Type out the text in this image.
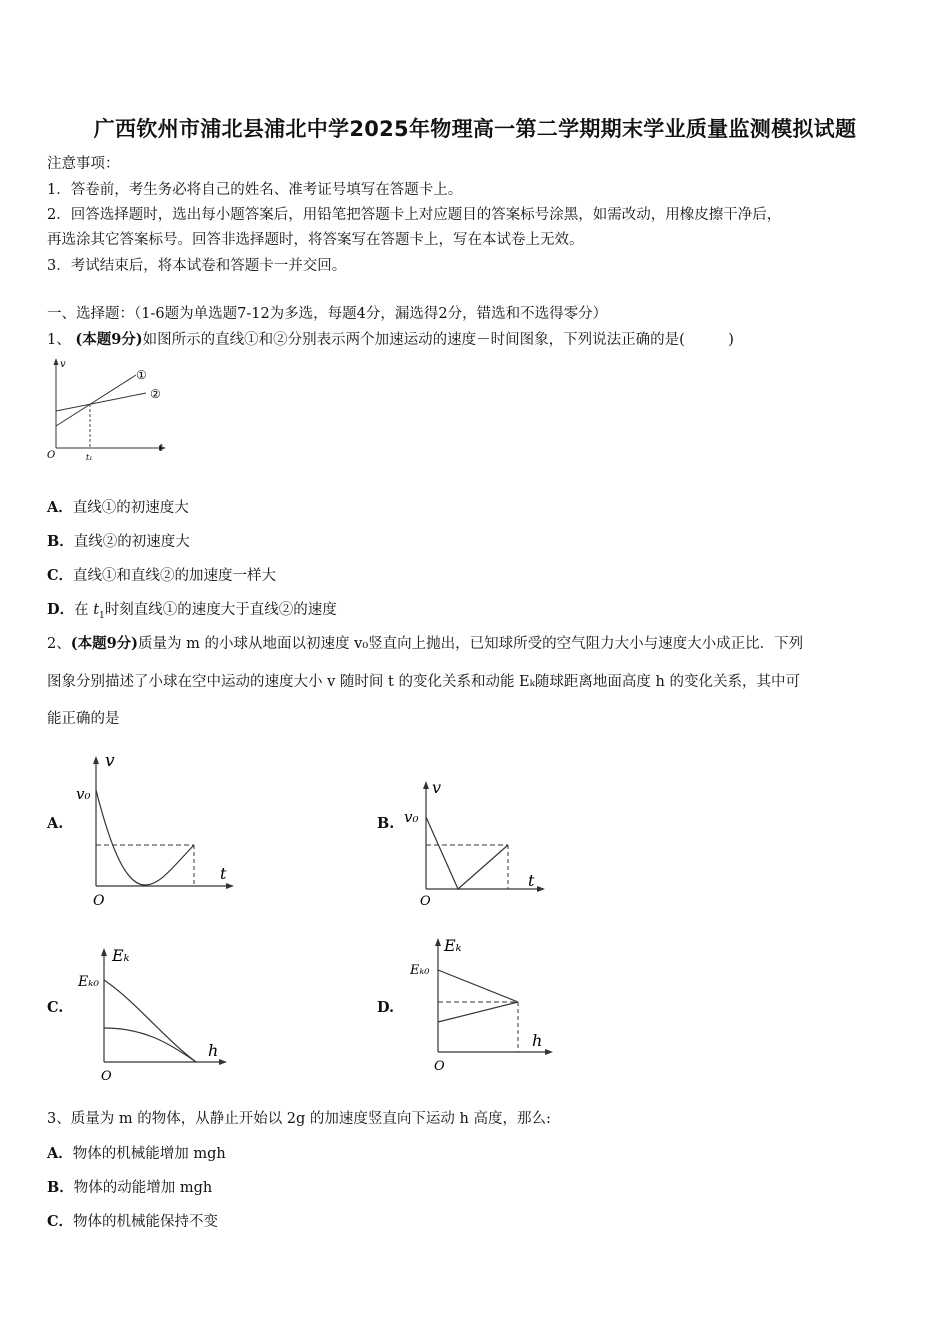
广西钦州市浦北县浦北中学2025年物理高一第二学期期末学业质量监测模拟试题
注意事项：
1．答卷前，考生务必将自己的姓名、准考证号填写在答题卡上。
2．回答选择题时，选出每小题答案后，用铅笔把答题卡上对应题目的答案标号涂黑，如需改动，用橡皮擦干净后，
再选涂其它答案标号。回答非选择题时，将答案写在答题卡上，写在本试卷上无效。
3．考试结束后，将本试卷和答题卡一并交回。
一、选择题：（1-6题为单选题7-12为多选，每题4分，漏选得2分，错选和不选得零分）
1、 (本题9分)如图所示的直线①和②分别表示两个加速运动的速度－时间图象，下列说法正确的是(　　　)
v
t
O	t₁
①
②
A．直线①的初速度大
B．直线②的初速度大
C．直线①和直线②的加速度一样大
D．在 $t_1$时刻直线①的速度大于直线②的速度
2、(本题9分)质量为 m 的小球从地面以初速度 v₀竖直向上抛出，已知球所受的空气阻力大小与速度大小成正比．下列
图象分别描述了小球在空中运动的速度大小 v 随时间 t 的变化关系和动能 Eₖ随球距离地面高度 h 的变化关系，其中可
能正确的是
A.
v
v₀
t
O
B.
v
v₀
t
O
C.
Eₖ
Eₖ₀
h
O
D.
Eₖ
Eₖ₀
h
O
3、质量为 m 的物体，从静止开始以 2g 的加速度竖直向下运动 h 高度，那么:
A．物体的机械能增加 mgh
B．物体的动能增加 mgh
C．物体的机械能保持不变
